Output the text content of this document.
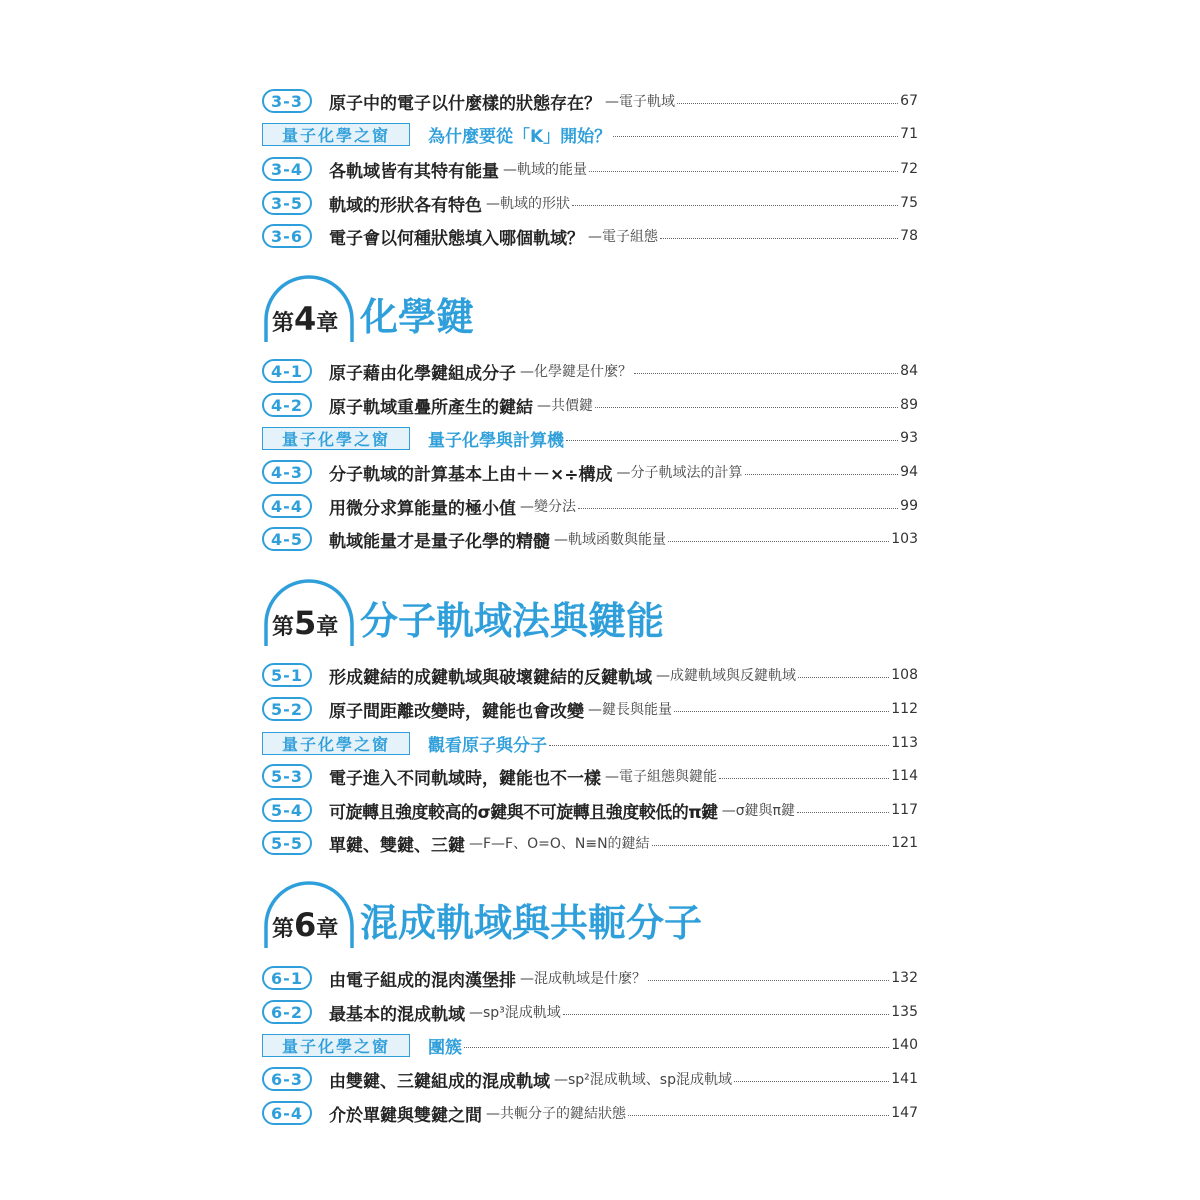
3-3	原子中的電子以什麼樣的狀態存在？ —電子軌域	67
量子化學之窗	為什麼要從「K」開始？	71
3-4	各軌域皆有其特有能量 —軌域的能量	72
3-5	軌域的形狀各有特色 —軌域的形狀	75
3-6	電子會以何種狀態填入哪個軌域？ —電子組態	78
第4章 化學鍵
4-1	原子藉由化學鍵組成分子 —化學鍵是什麼？	84
4-2	原子軌域重疊所產生的鍵結 —共價鍵	89
量子化學之窗	量子化學與計算機	93
4-3	分子軌域的計算基本上由＋－×÷構成 —分子軌域法的計算	94
4-4	用微分求算能量的極小值 —變分法	99
4-5	軌域能量才是量子化學的精髓 —軌域函數與能量	103
第5章 分子軌域法與鍵能
5-1	形成鍵結的成鍵軌域與破壞鍵結的反鍵軌域 —成鍵軌域與反鍵軌域	108
5-2	原子間距離改變時，鍵能也會改變 —鍵長與能量	112
量子化學之窗	觀看原子與分子	113
5-3	電子進入不同軌域時，鍵能也不一樣 —電子組態與鍵能	114
5-4	可旋轉且強度較高的σ鍵與不可旋轉且強度較低的π鍵 —σ鍵與π鍵	117
5-5	單鍵、雙鍵、三鍵 —F—F、O=O、N≡N的鍵結	121
第6章 混成軌域與共軛分子
6-1	由電子組成的混肉漢堡排 —混成軌域是什麼？	132
6-2	最基本的混成軌域 —sp³混成軌域	135
量子化學之窗	團簇	140
6-3	由雙鍵、三鍵組成的混成軌域 —sp²混成軌域、sp混成軌域	141
6-4	介於單鍵與雙鍵之間 —共軛分子的鍵結狀態	147
